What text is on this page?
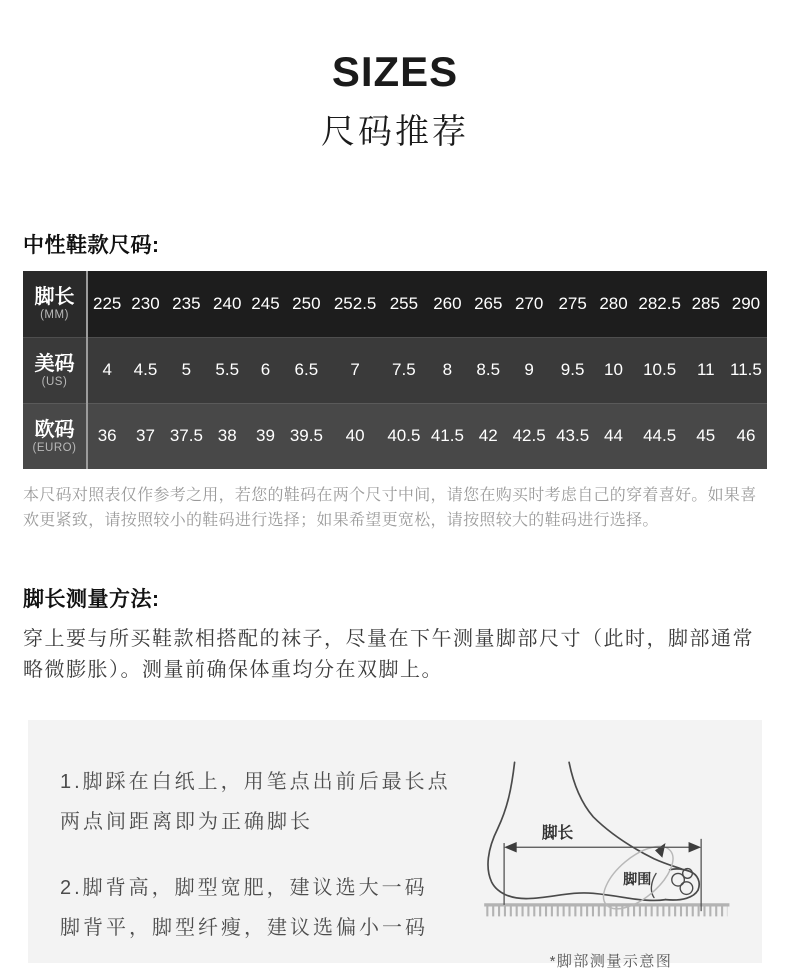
SIZES
尺码推荐
中性鞋款尺码:
脚长
(MM)	225	230	235	240	245	250	252.5	255	260	265	270	275	280	282.5	285	290

美码
(US)	4	4.5	5	5.5	6	6.5	7	7.5	8	8.5	9	9.5	10	10.5	11	11.5

欧码
(EURO)	36	37	37.5	38	39	39.5	40	40.5	41.5	42	42.5	43.5	44	44.5	45	46

本尺码对照表仅作参考之用，若您的鞋码在两个尺寸中间，请您在购买时考虑自己的穿着喜好。如果喜欢更紧致，请按照较小的鞋码进行选择；如果希望更宽松，请按照较大的鞋码进行选择。

脚长测量方法:

穿上要与所买鞋款相搭配的袜子，尽量在下午测量脚部尺寸（此时，脚部通常略微膨胀）。测量前确保体重均分在双脚上。

1.脚踩在白纸上，用笔点出前后最长点
两点间距离即为正确脚长

2.脚背高，脚型宽肥，建议选大一码
脚背平，脚型纤瘦，建议选偏小一码

脚长
脚围
*脚部测量示意图
